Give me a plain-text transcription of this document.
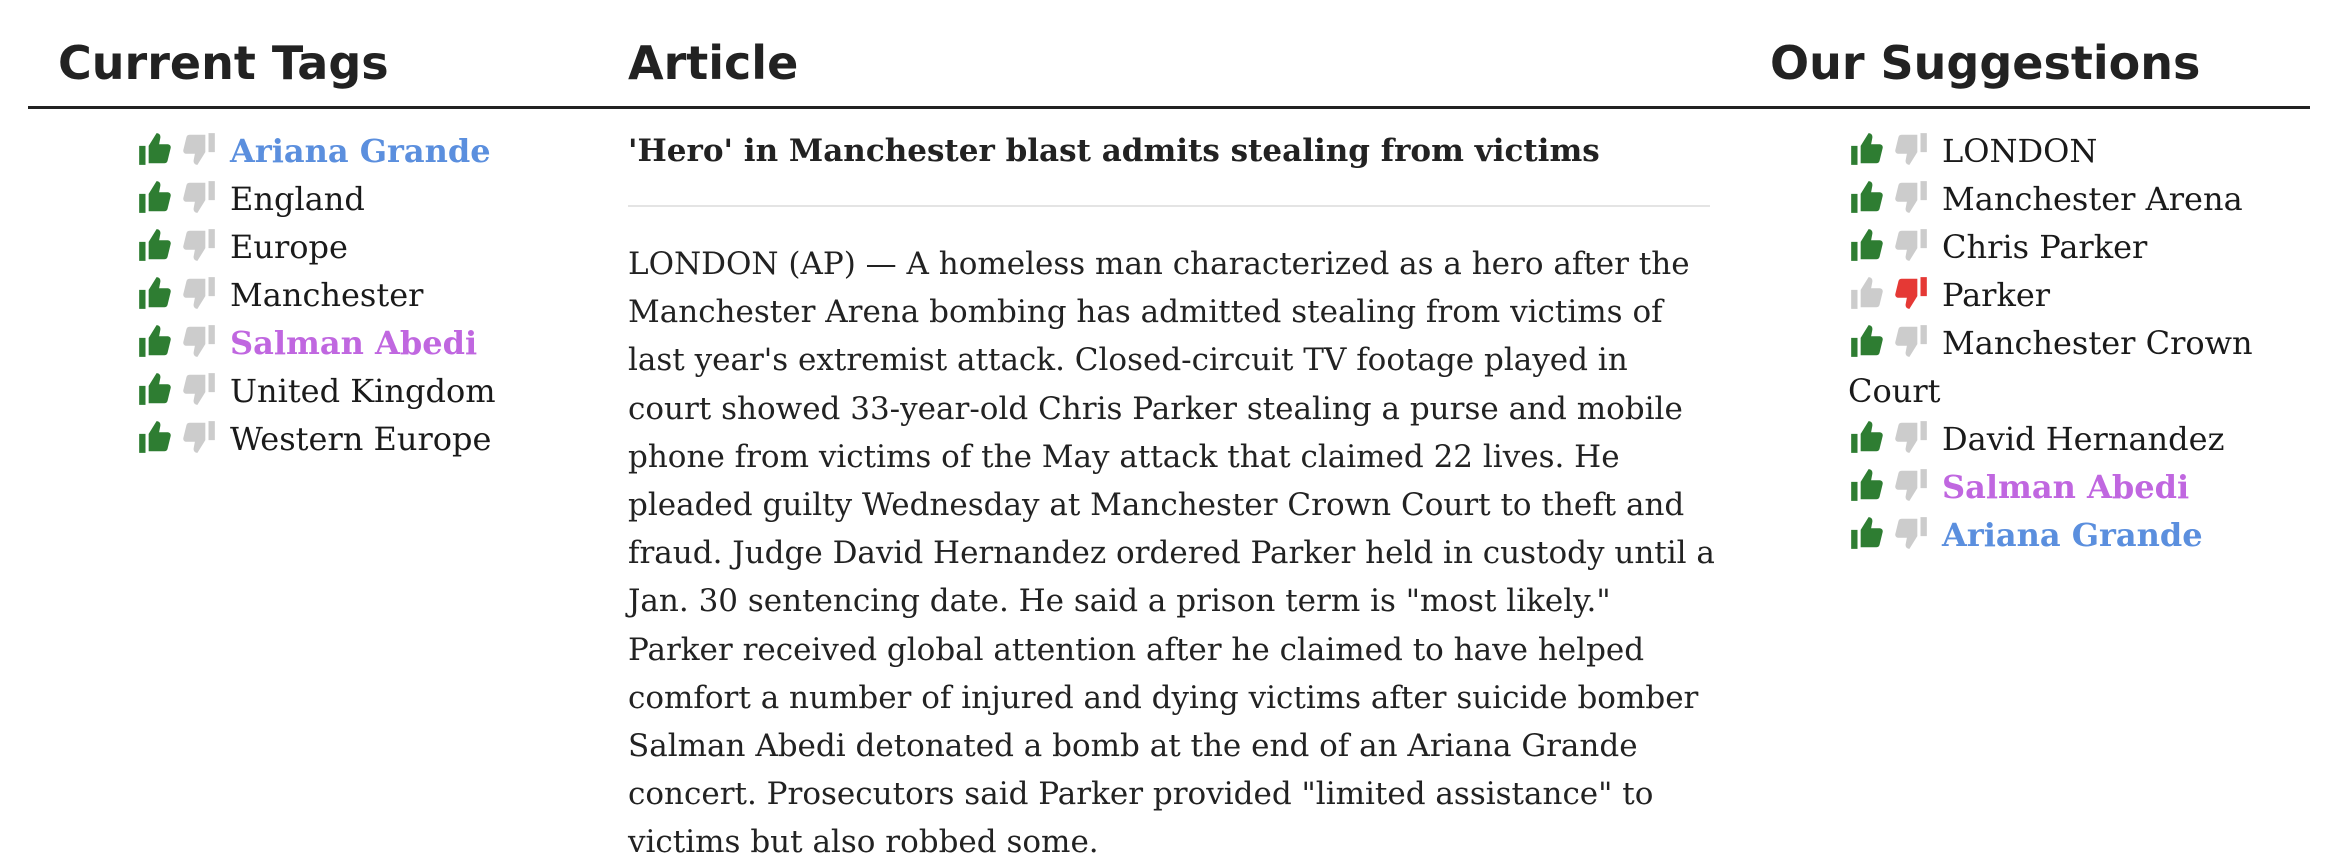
Current Tags	Article	Our Suggestions
Ariana Grande
England
Europe
Manchester
Salman Abedi
United Kingdom
Western Europe
'Hero' in Manchester blast admits stealing from victims

LONDON (AP) — A homeless man characterized as a hero after the Manchester Arena bombing has admitted stealing from victims of last year's extremist attack. Closed-circuit TV footage played in court showed 33-year-old Chris Parker stealing a purse and mobile phone from victims of the May attack that claimed 22 lives. He pleaded guilty Wednesday at Manchester Crown Court to theft and fraud. Judge David Hernandez ordered Parker held in custody until a Jan. 30 sentencing date. He said a prison term is "most likely." Parker received global attention after he claimed to have helped comfort a number of injured and dying victims after suicide bomber Salman Abedi detonated a bomb at the end of an Ariana Grande concert. Prosecutors said Parker provided "limited assistance" to victims but also robbed some.

LONDON
Manchester Arena
Chris Parker
Parker
Manchester Crown Court
David Hernandez
Salman Abedi
Ariana Grande
